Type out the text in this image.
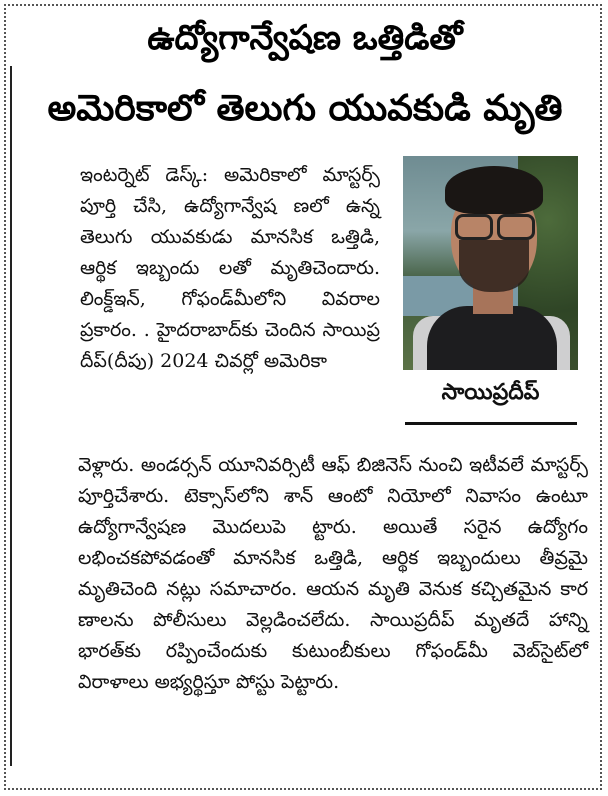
ఉద్యోగాన్వేషణ ఒత్తిడితో
అమెరికాలో తెలుగు యువకుడి మృతి
ఇంటర్నెట్ డెస్క్: అమెరికాలో మాస్టర్స్ పూర్తి చేసి, ఉద్యోగాన్వేష ణలో ఉన్న తెలుగు యువకుడు మానసిక ఒత్తిడి, ఆర్థిక ఇబ్బందు లతో మృతిచెందారు. లింక్డ్ఇన్, గోఫండ్‌మీలోని వివరాల ప్రకారం. . హైదరాబాద్‌కు చెందిన సాయిప్ర దీప్(దీపు) 2024 చివర్లో అమెరికా
సాయిప్రదీప్
వెళ్లారు. అండర్సన్ యూనివర్సిటీ ఆఫ్ బిజినెస్ నుంచి ఇటీవలే మాస్టర్స్ పూర్తిచేశారు. టెక్సాస్‌లోని శాన్ ఆంటో నియోలో నివాసం ఉంటూ ఉద్యోగాన్వేషణ మొదలుపె ట్టారు. అయితే సరైన ఉద్యోగం లభించకపోవడంతో మానసిక ఒత్తిడి, ఆర్థిక ఇబ్బందులు తీవ్రమై మృతిచెంది నట్లు సమాచారం. ఆయన మృతి వెనుక కచ్చితమైన కార ణాలను పోలీసులు వెల్లడించలేదు. సాయిప్రదీప్ మృతదే హాన్ని భారత్‌కు రప్పించేందుకు కుటుంబీకులు గోఫండ్‌మీ వెబ్‌సైట్‌లో విరాళాలు అభ్యర్థిస్తూ పోస్టు పెట్టారు.
